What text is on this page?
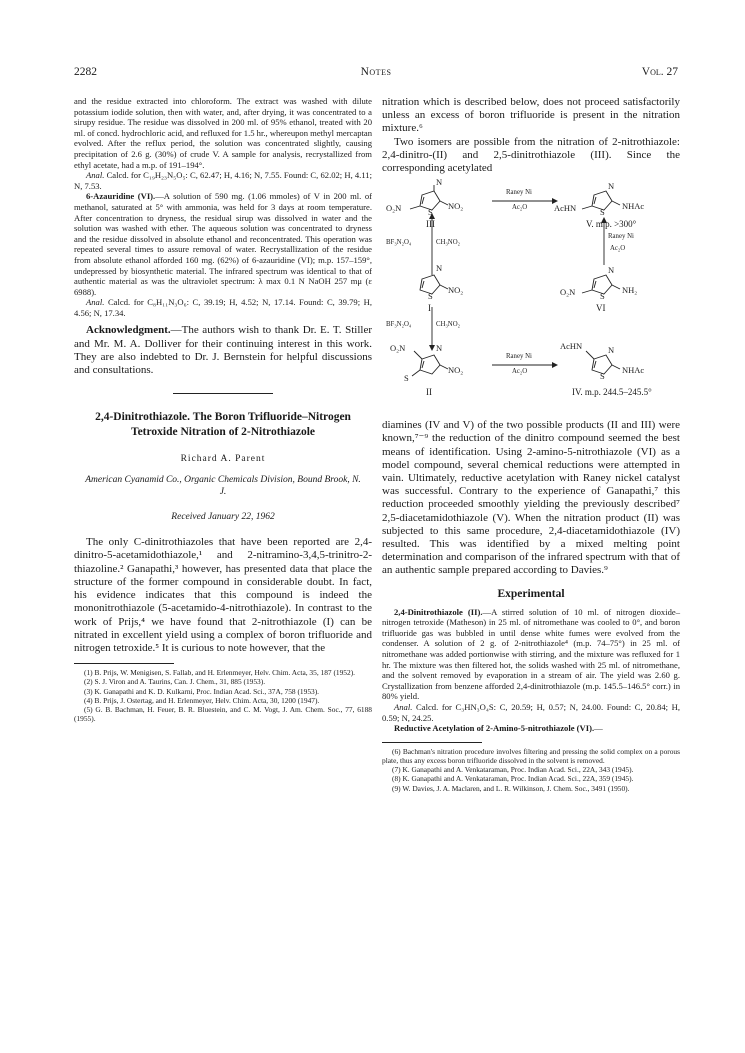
2282	Notes	Vol. 27

and the residue extracted into chloroform. The extract was washed with dilute potassium iodide solution, then with water, and, after drying, it was concentrated to a sirupy residue. The residue was dissolved in 200 ml. of 95% ethanol, treated with 20 ml. of concd. hydrochloric acid, and refluxed for 1.5 hr., whereupon methyl mercaptan evolved. After the reflux period, the solution was concentrated slightly, causing precipitation of 2.6 g. (30%) of crude V. A sample for analysis, recrystallized from ethyl acetate, had a m.p. of 191–194°.

Anal. Calcd. for C₁₉H₂₃N₅O₅: C, 62.47; H, 4.16; N, 7.55. Found: C, 62.02; H, 4.11; N, 7.53.

6-Azauridine (VI).—A solution of 590 mg. (1.06 mmoles) of V in 200 ml. of methanol, saturated at 5° with ammonia, was held for 3 days at room temperature. After concentration to dryness, the residual sirup was dissolved in water and the solution was washed with ether. The aqueous solution was concentrated to dryness and the residue dissolved in absolute ethanol and reconcentrated. This operation was repeated several times to assure removal of water. Recrystallization of the residue from absolute ethanol afforded 160 mg. (62%) of 6-azauridine (VI); m.p. 157–159°, undepressed by biosynthetic material. The infrared spectrum was identical to that of authentic material as was the ultraviolet spectrum: λ max 0.1 N NaOH 257 mμ (ε 6988).

Anal. Calcd. for C₈H₁₁N₃O₆: C, 39.19; H, 4.52; N, 17.14. Found: C, 39.79; H, 4.56; N, 17.34.

Acknowledgment.—The authors wish to thank Dr. E. T. Stiller and Mr. M. A. Dolliver for their continuing interest in this work. They are also indebted to Dr. J. Bernstein for helpful discussions and consultations.

2,4-Dinitrothiazole. The Boron Trifluoride–Nitrogen Tetroxide Nitration of 2-Nitrothiazole
Richard A. Parent
American Cyanamid Co., Organic Chemicals Division, Bound Brook, N. J.
Received January 22, 1962

The only C-dinitrothiazoles that have been reported are 2,4-dinitro-5-acetamidothiazole,¹ and 2-nitramino-3,4,5-trinitro-2-thiazoline.² Ganapathi,³ however, has presented data that place the structure of the former compound in considerable doubt. In fact, his evidence indicates that this compound is indeed the mononitrothiazole (5-acetamido-4-nitrothiazole). In contrast to the work of Prijs,⁴ we have found that 2-nitrothiazole (I) can be nitrated in excellent yield using a complex of boron trifluoride and nitrogen tetroxide.⁵ It is curious to note however, that the

(1) B. Prijs, W. Menigisen, S. Fallab, and H. Erlenmeyer, Helv. Chim. Acta, 35, 187 (1952).

(2) S. J. Viron and A. Taurins, Can. J. Chem., 31, 885 (1953).

(3) K. Ganapathi and K. D. Kulkarni, Proc. Indian Acad. Sci., 37A, 758 (1953).

(4) B. Prijs, J. Ostertag, and H. Erlenmeyer, Helv. Chim. Acta, 30, 1200 (1947).

(5) G. B. Bachman, H. Feuer, B. R. Bluestein, and C. M. Vogt, J. Am. Chem. Soc., 77, 6188 (1955).

nitration which is described below, does not proceed satisfactorily unless an excess of boron trifluoride is present in the nitration mixture.⁶

Two isomers are possible from the nitration of 2-nitrothiazole: 2,4-dinitro-(II) and 2,5-dinitrothiazole (III). Since the corresponding acetylated

O₂N
N
S
NO₂
III
Raney Ni
Ac₂O	AcHN
N
S
NHAc
V. m.p. >300°
BF₃N₂O₄	CH₃NO₂
Raney Ni
Ac₂O
N
S
NO₂
I
O₂N
N
S
NH₂
VI
BF₃N₂O₄	CH₃NO₂
O₂N	N
S
NO₂
II
Raney Ni
Ac₂O
AcHN	N
S
NHAc
IV. m.p. 244.5–245.5°

diamines (IV and V) of the two possible products (II and III) were known,⁷⁻⁹ the reduction of the dinitro compound seemed the best means of identification. Using 2-amino-5-nitrothiazole (VI) as a model compound, several chemical reductions were attempted in vain. Ultimately, reductive acetylation with Raney nickel catalyst was successful. Contrary to the experience of Ganapathi,⁷ this reduction proceeded smoothly yielding the previously described⁷ 2,5-diacetamidothiazole (V). When the nitration product (II) was subjected to this same procedure, 2,4-diacetamidothiazole (IV) resulted. This was identified by a mixed melting point determination and comparison of the infrared spectrum with that of an authentic sample prepared according to Davies.⁹

Experimental

2,4-Dinitrothiazole (II).—A stirred solution of 10 ml. of nitrogen dioxide–nitrogen tetroxide (Matheson) in 25 ml. of nitromethane was cooled to 0°, and boron trifluoride gas was bubbled in until dense white fumes were evolved from the condenser. A solution of 2 g. of 2-nitrothiazole⁴ (m.p. 74–75°) in 25 ml. of nitromethane was added portionwise with stirring, and the mixture was refluxed for 1 hr. The mixture was then filtered hot, the solids washed with 25 ml. of nitromethane, and the solvent removed by evaporation in a stream of air. The yield was 2.60 g. Crystallization from benzene afforded 2,4-dinitrothiazole (m.p. 145.5–146.5° corr.) in 80% yield.

Anal. Calcd. for C₃HN₃O₄S: C, 20.59; H, 0.57; N, 24.00. Found: C, 20.84; H, 0.59; N, 24.25.

Reductive Acetylation of 2-Amino-5-nitrothiazole (VI).—

(6) Bachman's nitration procedure involves filtering and pressing the solid complex on a porous plate, thus any excess boron trifluoride dissolved in the solvent is removed.

(7) K. Ganapathi and A. Venkataraman, Proc. Indian Acad. Sci., 22A, 343 (1945).

(8) K. Ganapathi and A. Venkataraman, Proc. Indian Acad. Sci., 22A, 359 (1945).

(9) W. Davies, J. A. Maclaren, and L. R. Wilkinson, J. Chem. Soc., 3491 (1950).
